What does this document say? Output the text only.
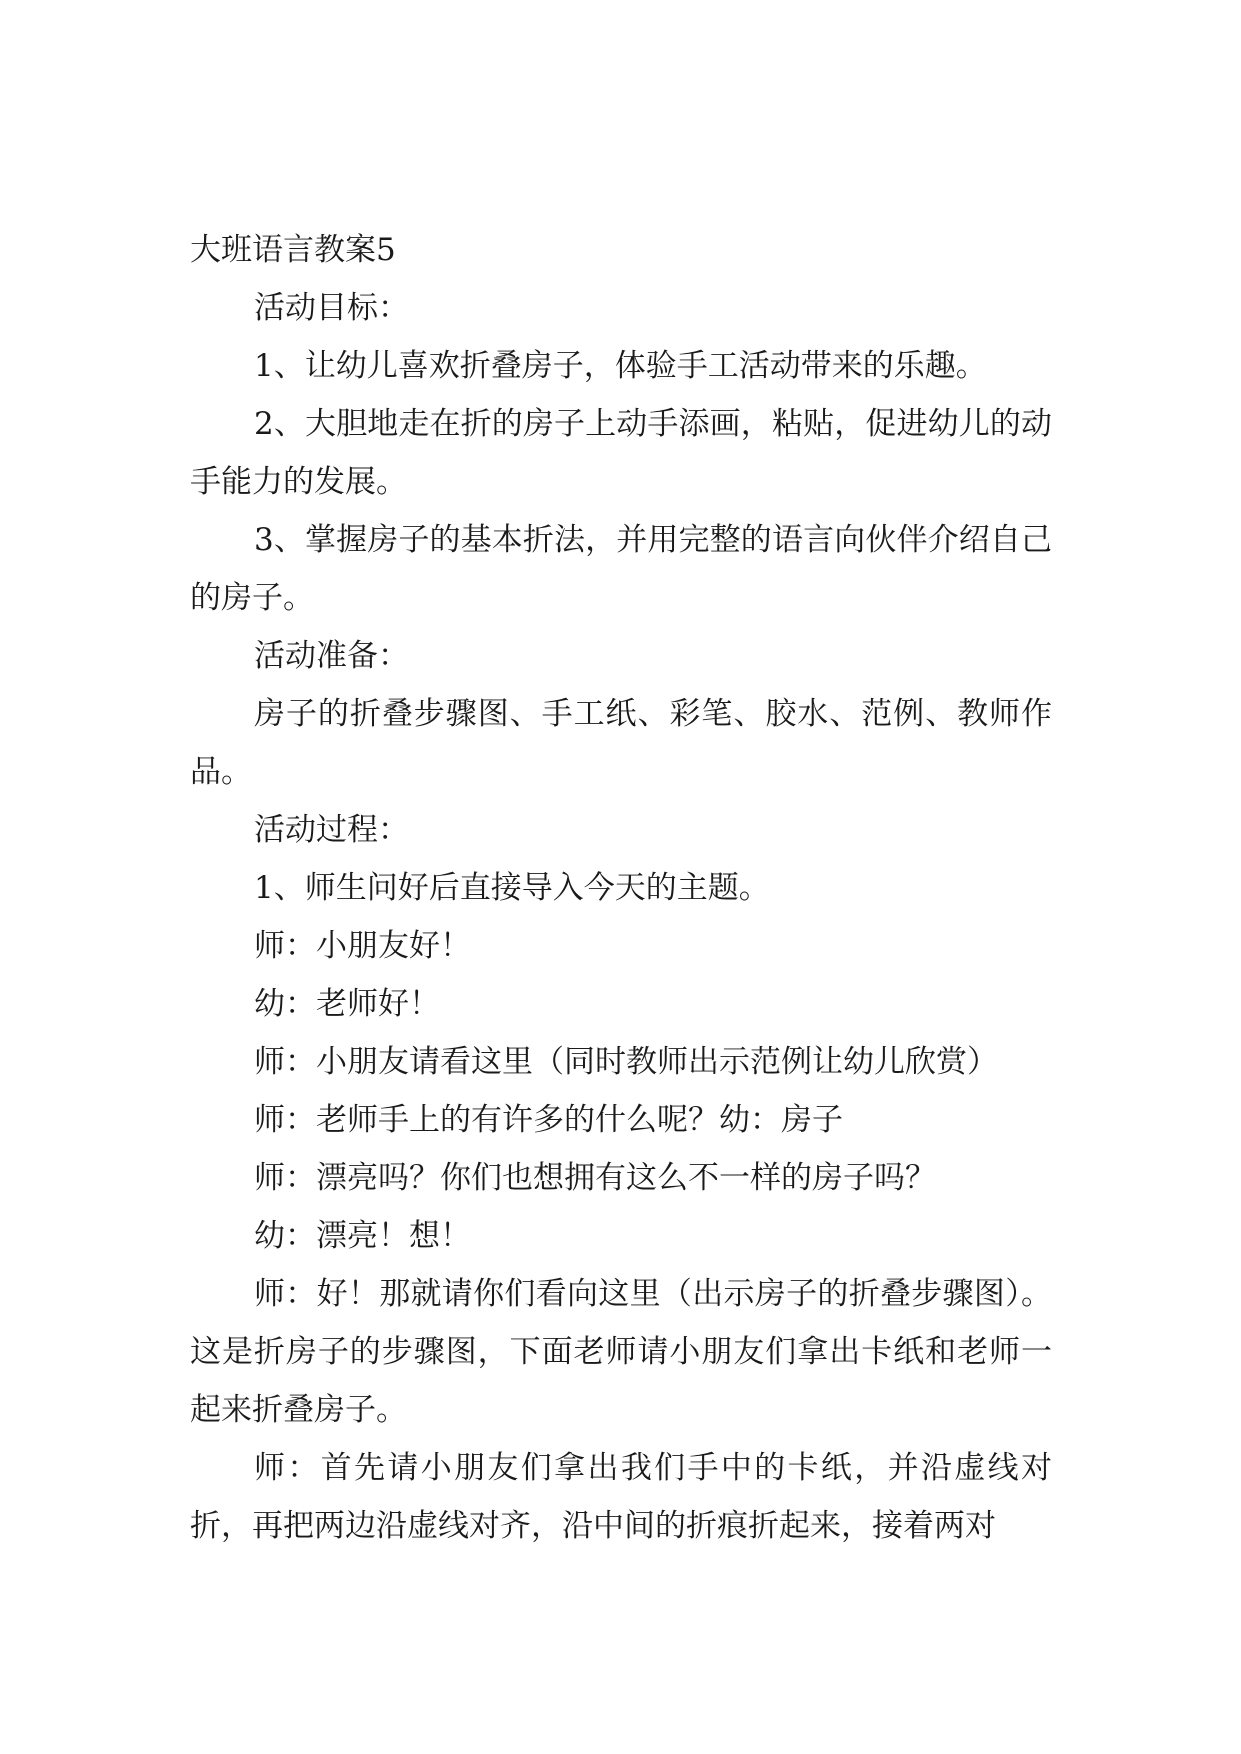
大班语言教案5

活动目标：

1、让幼儿喜欢折叠房子，体验手工活动带来的乐趣。

2、大胆地走在折的房子上动手添画，粘贴，促进幼儿的动手能力的发展。

3、掌握房子的基本折法，并用完整的语言向伙伴介绍自己的房子。

活动准备：

房子的折叠步骤图、手工纸、彩笔、胶水、范例、教师作品。

活动过程：

1、师生问好后直接导入今天的主题。

师：小朋友好！

幼：老师好！

师：小朋友请看这里（同时教师出示范例让幼儿欣赏）

师：老师手上的有许多的什么呢？幼：房子

师：漂亮吗？你们也想拥有这么不一样的房子吗？

幼：漂亮！想！

师：好！那就请你们看向这里（出示房子的折叠步骤图）。这是折房子的步骤图，下面老师请小朋友们拿出卡纸和老师一起来折叠房子。

师：首先请小朋友们拿出我们手中的卡纸，并沿虚线对折，再把两边沿虚线对齐，沿中间的折痕折起来，接着两对
